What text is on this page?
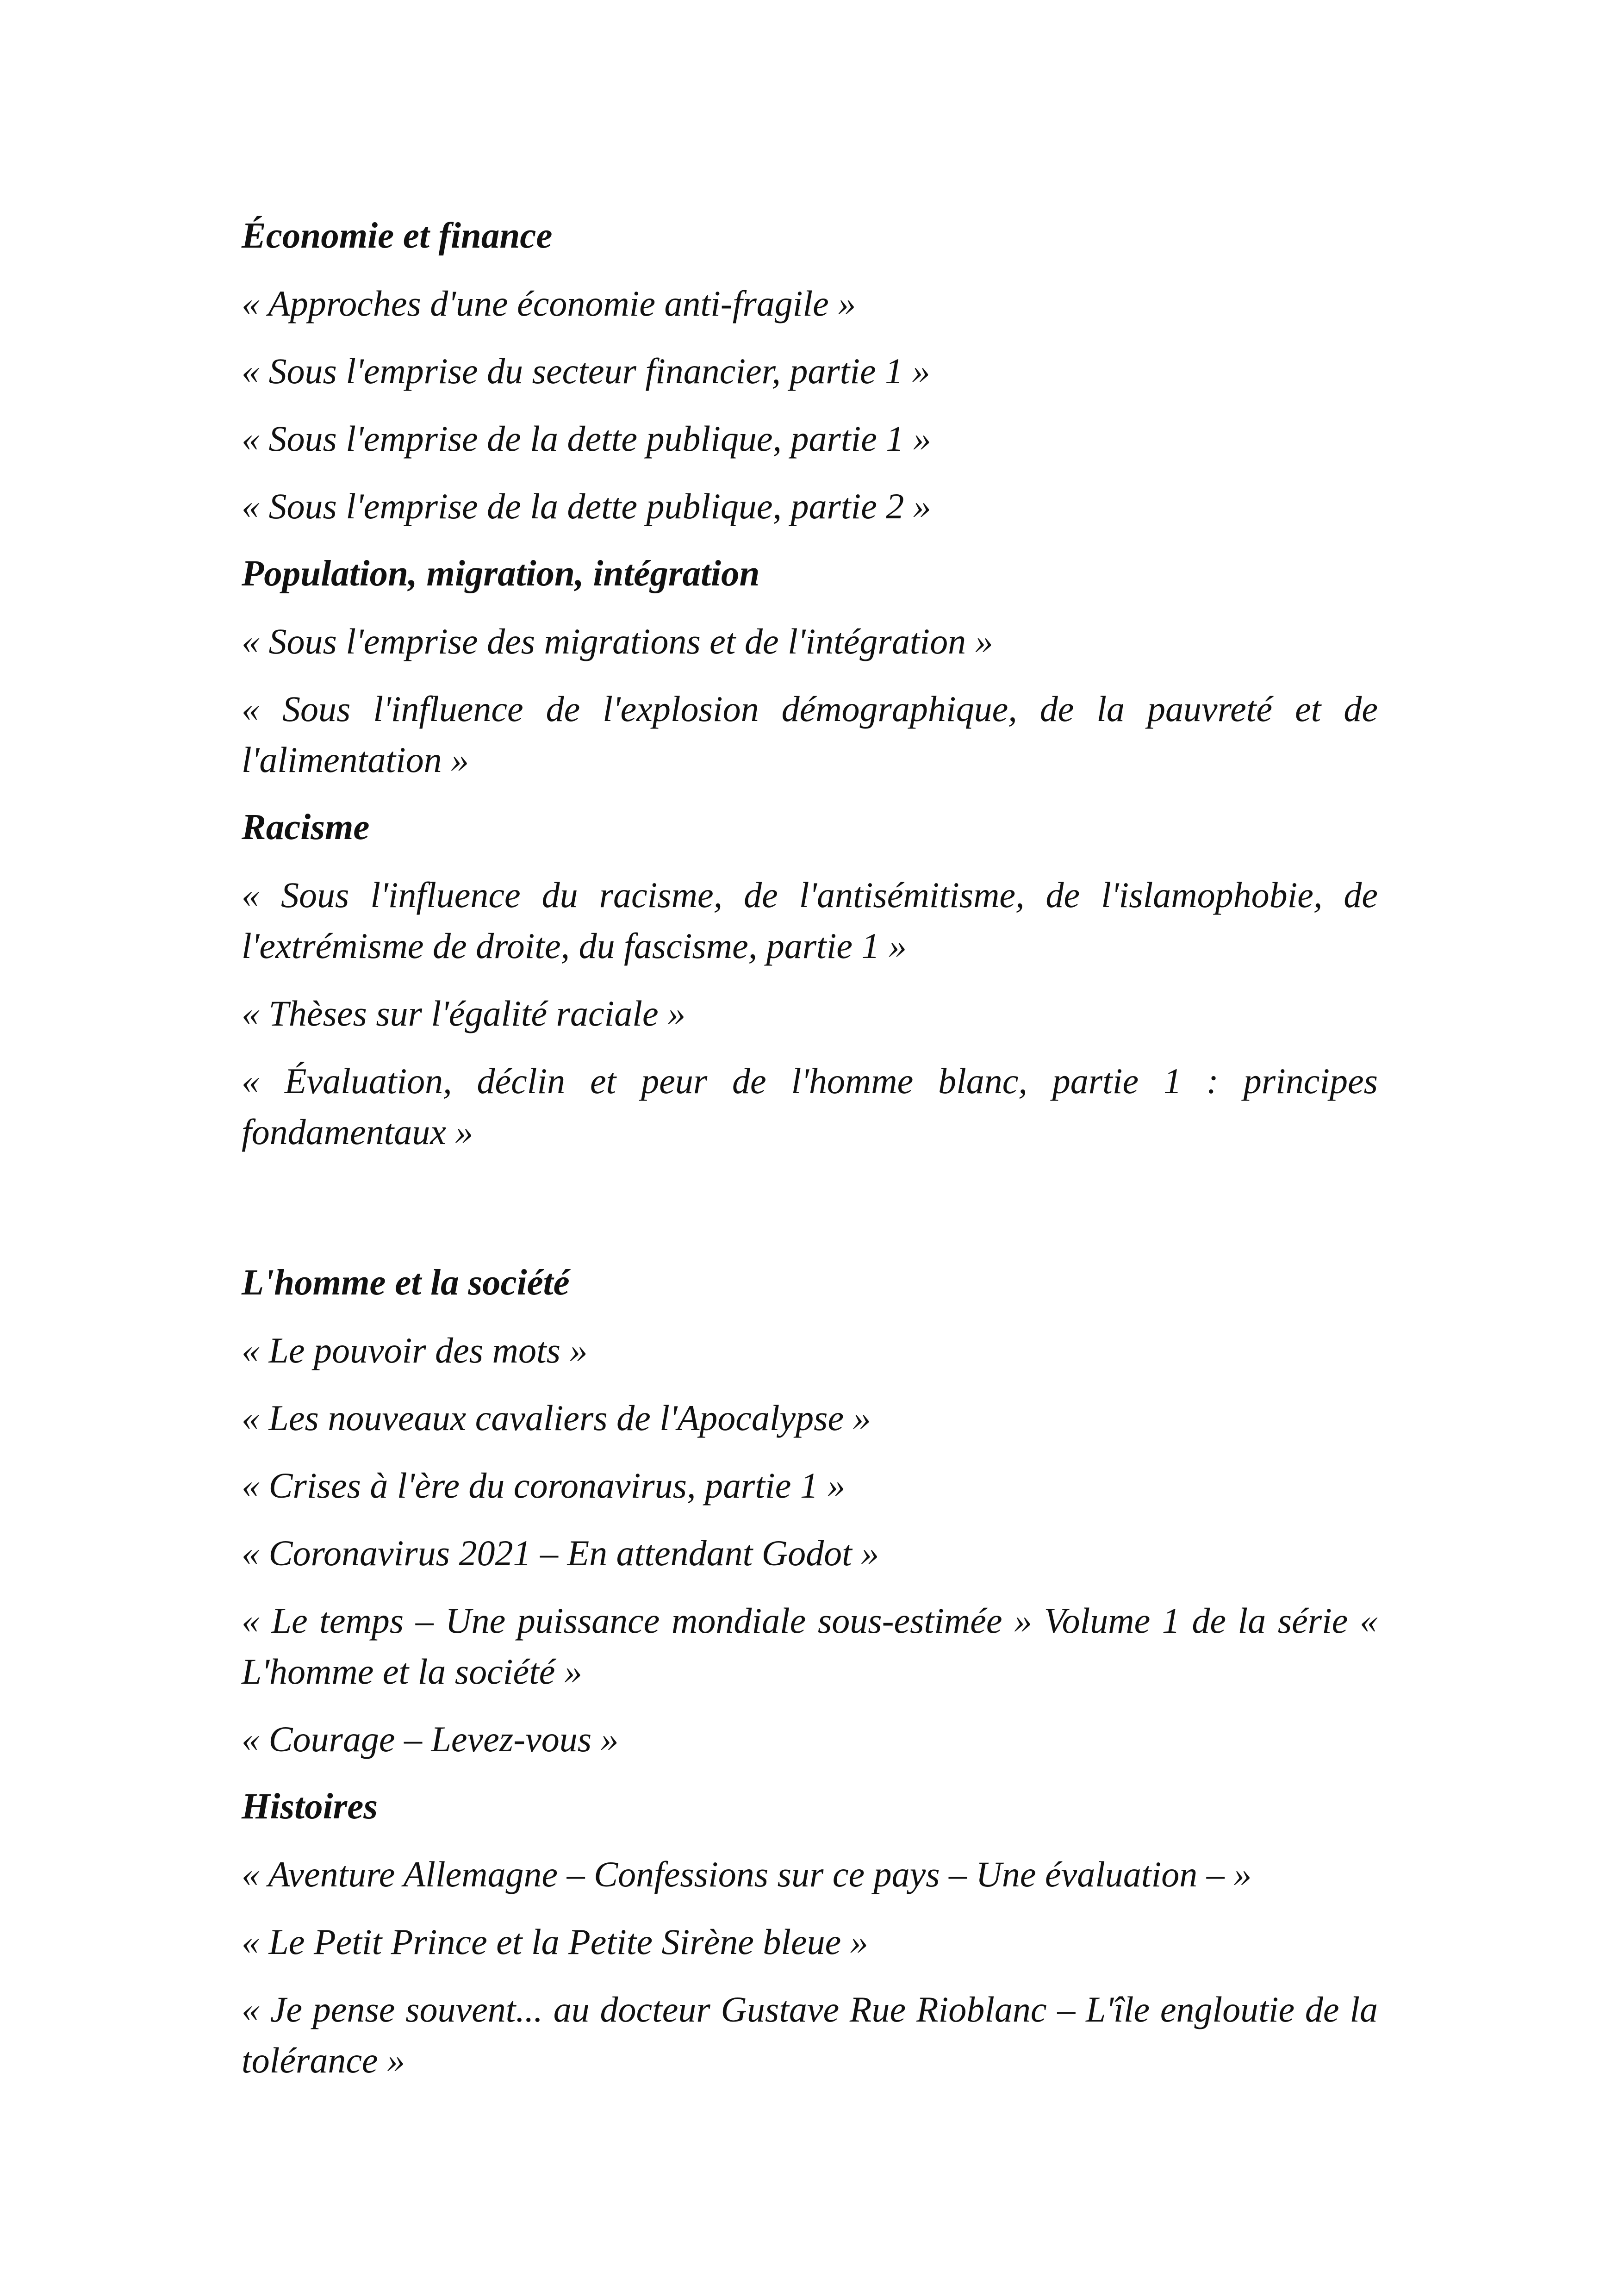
Économie et finance
« Approches d'une économie anti-fragile »
« Sous l'emprise du secteur financier, partie 1 »
« Sous l'emprise de la dette publique, partie 1 »
« Sous l'emprise de la dette publique, partie 2 »
Population, migration, intégration
« Sous l'emprise des migrations et de l'intégration »
« Sous l'influence de l'explosion démographique, de la pauvreté et de l'alimentation »
Racisme
« Sous l'influence du racisme, de l'antisémitisme, de l'islamophobie, de l'extrémisme de droite, du fascisme, partie 1 »
« Thèses sur l'égalité raciale »
« Évaluation, déclin et peur de l'homme blanc, partie 1 : principes fondamentaux »
L'homme et la société
« Le pouvoir des mots »
« Les nouveaux cavaliers de l'Apocalypse »
« Crises à l'ère du coronavirus, partie 1 »
« Coronavirus 2021 – En attendant Godot »
« Le temps – Une puissance mondiale sous-estimée » Volume 1 de la série « L'homme et la société »
« Courage – Levez-vous »
Histoires
« Aventure Allemagne – Confessions sur ce pays – Une évaluation – »
« Le Petit Prince et la Petite Sirène bleue »
« Je pense souvent... au docteur Gustave Rue Rioblanc – L'île engloutie de la tolérance »
